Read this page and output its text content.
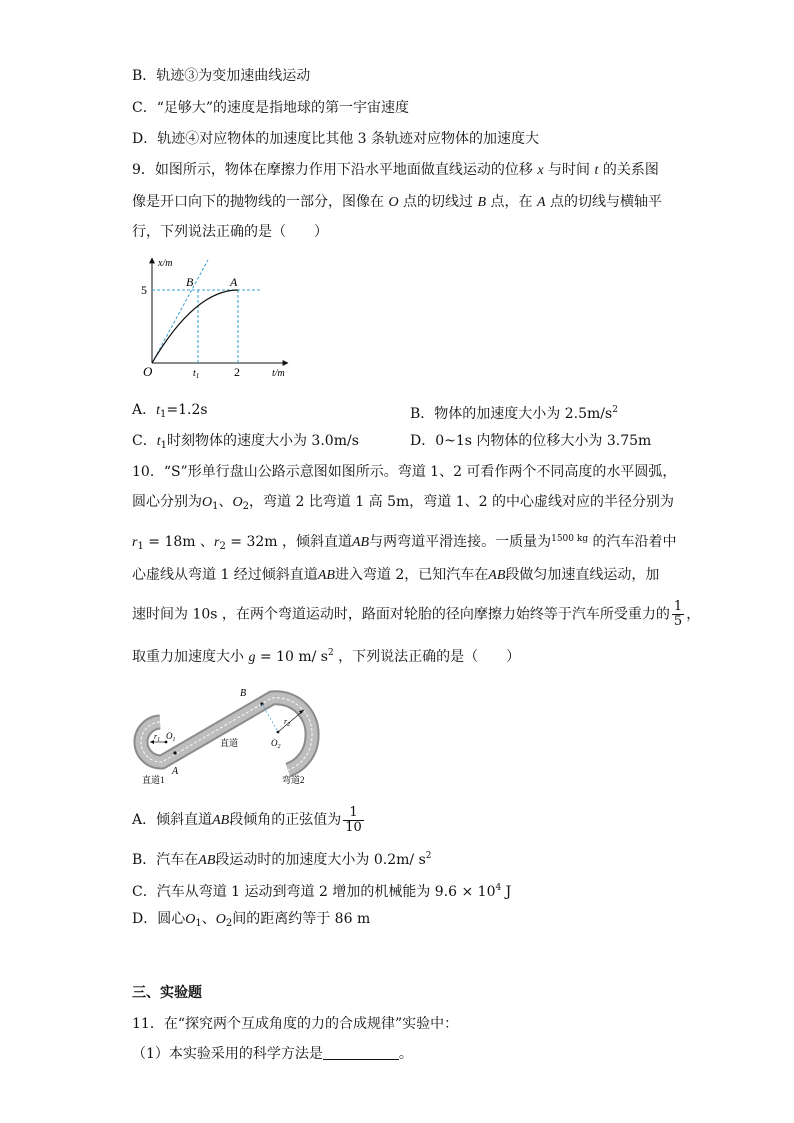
B．轨迹③为变加速曲线运动
C．“足够大”的速度是指地球的第一宇宙速度
D．轨迹④对应物体的加速度比其他 3 条轨迹对应物体的加速度大
9．如图所示，物体在摩擦力作用下沿水平地面做直线运动的位移 x 与时间 t 的关系图
像是开口向下的抛物线的一部分，图像在 O 点的切线过 B 点，在 A 点的切线与横轴平
行，下列说法正确的是（　　）
x/m
5
B	A
O	$t_1$	2	t/m
A．$t_1=1.2s$	B．物体的加速度大小为 $2.5m/s^2$
C．$t_1$时刻物体的速度大小为 3.0m/s	D．0~1s 内物体的位移大小为 3.75m
10．“S”形单行盘山公路示意图如图所示。弯道 1、2 可看作两个不同高度的水平圆弧，
圆心分别为$O_1$、$O_2$，弯道 2 比弯道 1 高 5m，弯道 1、2 的中心虚线对应的半径分别为
$r_1 = 18m$ 、$r_2 = 32m$ ，倾斜直道AB与两弯道平滑连接。一质量为$^{1500 kg}$ 的汽车沿着中
心虚线从弯道 1 经过倾斜直道AB进入弯道 2，已知汽车在AB段做匀加速直线运动，加
速时间为 10s ，在两个弯道运动时，路面对轮胎的径向摩擦力始终等于汽车所受重力的 $\frac{1}{5}$ ，
取重力加速度大小 g = 10 m/ $s^2$ ，下列说法正确的是（　　）
B
A
$r_1$ $O_1$	$O_2$
$r_2$
直道
直道1	弯道2
A．倾斜直道AB段倾角的正弦值为 $\frac{1}{10}$
B．汽车在AB段运动时的加速度大小为 0.2m/ $s^2$
C．汽车从弯道 1 运动到弯道 2 增加的机械能为 $9.6 \times 10^4$ J
D．圆心$O_1$、$O_2$间的距离约等于 86 m
三、实验题
11．在“探究两个互成角度的力的合成规律”实验中：
（1）本实验采用的科学方法是	。
